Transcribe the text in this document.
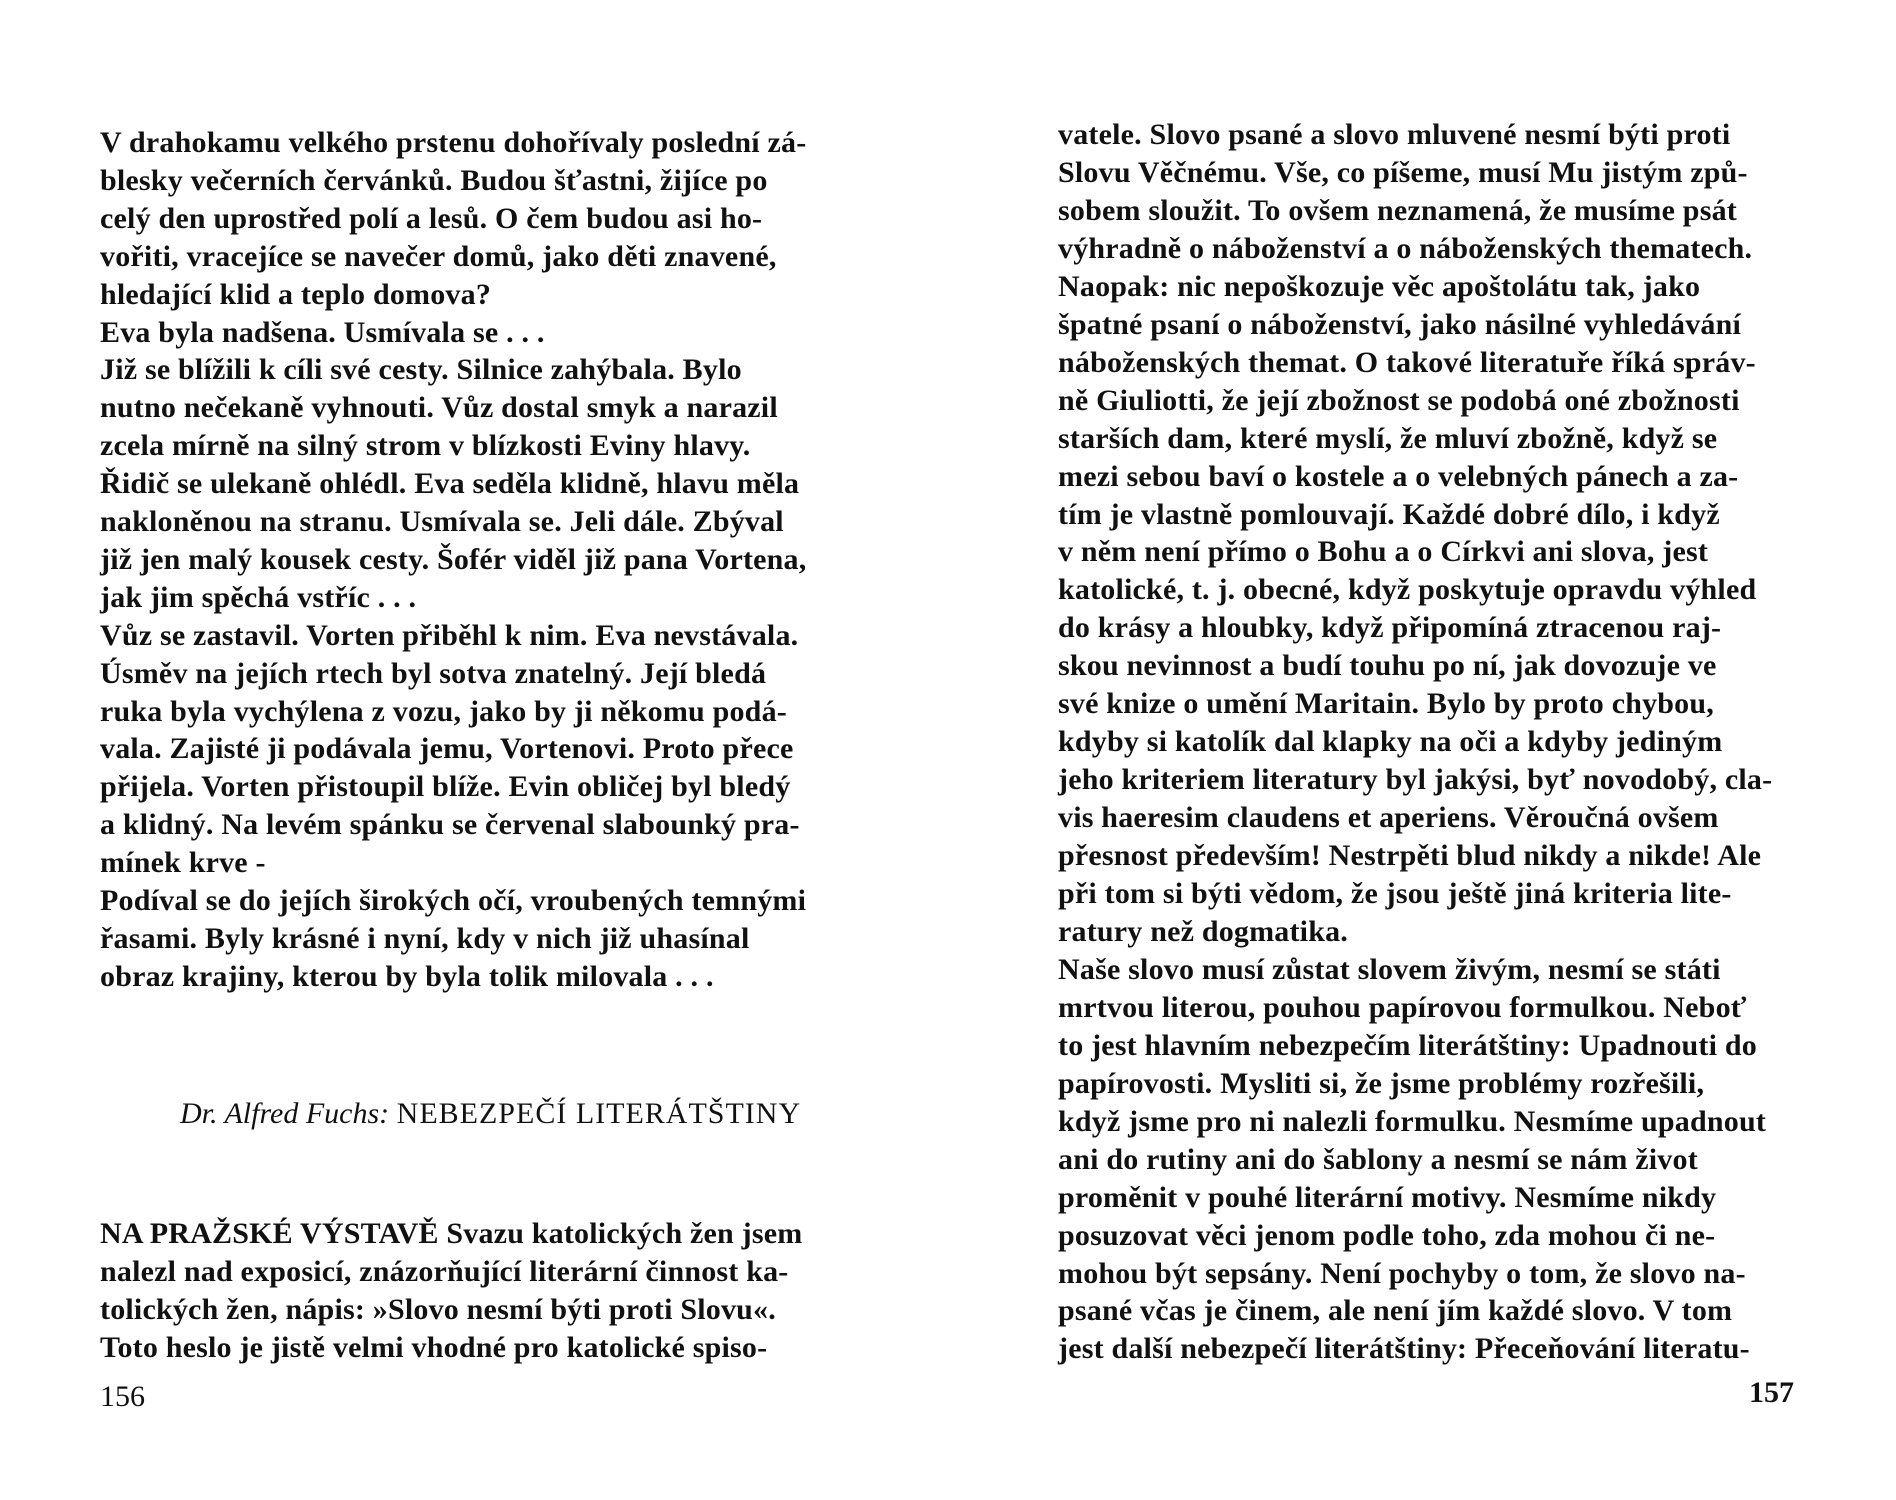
V drahokamu velkého prstenu dohořívaly poslední zá-
blesky večerních červánků. Budou šťastni, žijíce po
celý den uprostřed polí a lesů. O čem budou asi ho-
vořiti, vracejíce se navečer domů, jako děti znavené,
hledající klid a teplo domova?
Eva byla nadšena. Usmívala se . . .
Již se blížili k cíli své cesty. Silnice zahýbala. Bylo
nutno nečekaně vyhnouti. Vůz dostal smyk a narazil
zcela mírně na silný strom v blízkosti Eviny hlavy.
Řidič se ulekaně ohlédl. Eva seděla klidně, hlavu měla
nakloněnou na stranu. Usmívala se. Jeli dále. Zbýval
již jen malý kousek cesty. Šofér viděl již pana Vortena,
jak jim spěchá vstříc . . .
Vůz se zastavil. Vorten přiběhl k nim. Eva nevstávala.
Úsměv na jejích rtech byl sotva znatelný. Její bledá
ruka byla vychýlena z vozu, jako by ji někomu podá-
vala. Zajisté ji podávala jemu, Vortenovi. Proto přece
přijela. Vorten přistoupil blíže. Evin obličej byl bledý
a klidný. Na levém spánku se červenal slabounký pra-
mínek krve -
Podíval se do jejích širokých očí, vroubených temnými
řasami. Byly krásné i nyní, kdy v nich již uhasínal
obraz krajiny, kterou by byla tolik milovala . . .
Dr. Alfred Fuchs: NEBEZPEČÍ LITERÁTŠTINY
NA PRAŽSKÉ VÝSTAVĚ Svazu katolických žen jsem
nalezl nad exposicí, znázorňující literární činnost ka-
tolických žen, nápis: »Slovo nesmí býti proti Slovu«.
Toto heslo je jistě velmi vhodné pro katolické spiso-
156
vatele. Slovo psané a slovo mluvené nesmí býti proti
Slovu Věčnému. Vše, co píšeme, musí Mu jistým způ-
sobem sloužit. To ovšem neznamená, že musíme psát
výhradně o náboženství a o náboženských thematech.
Naopak: nic nepoškozuje věc apoštolátu tak, jako
špatné psaní o náboženství, jako násilné vyhledávání
náboženských themat. O takové literatuře říká správ-
ně Giuliotti, že její zbožnost se podobá oné zbožnosti
starších dam, které myslí, že mluví zbožně, když se
mezi sebou baví o kostele a o velebných pánech a za-
tím je vlastně pomlouvají. Každé dobré dílo, i když
v něm není přímo o Bohu a o Církvi ani slova, jest
katolické, t. j. obecné, když poskytuje opravdu výhled
do krásy a hloubky, když připomíná ztracenou raj-
skou nevinnost a budí touhu po ní, jak dovozuje ve
své knize o umění Maritain. Bylo by proto chybou,
kdyby si katolík dal klapky na oči a kdyby jediným
jeho kriteriem literatury byl jakýsi, byť novodobý, cla-
vis haeresim claudens et aperiens. Věroučná ovšem
přesnost především! Nestrpěti blud nikdy a nikde! Ale
při tom si býti vědom, že jsou ještě jiná kriteria lite-
ratury než dogmatika.
Naše slovo musí zůstat slovem živým, nesmí se státi
mrtvou literou, pouhou papírovou formulkou. Neboť
to jest hlavním nebezpečím literátštiny: Upadnouti do
papírovosti. Mysliti si, že jsme problémy rozřešili,
když jsme pro ni nalezli formulku. Nesmíme upadnout
ani do rutiny ani do šablony a nesmí se nám život
proměnit v pouhé literární motivy. Nesmíme nikdy
posuzovat věci jenom podle toho, zda mohou či ne-
mohou být sepsány. Není pochyby o tom, že slovo na-
psané včas je činem, ale není jím každé slovo. V tom
jest další nebezpečí literátštiny: Přeceňování literatu-
157
